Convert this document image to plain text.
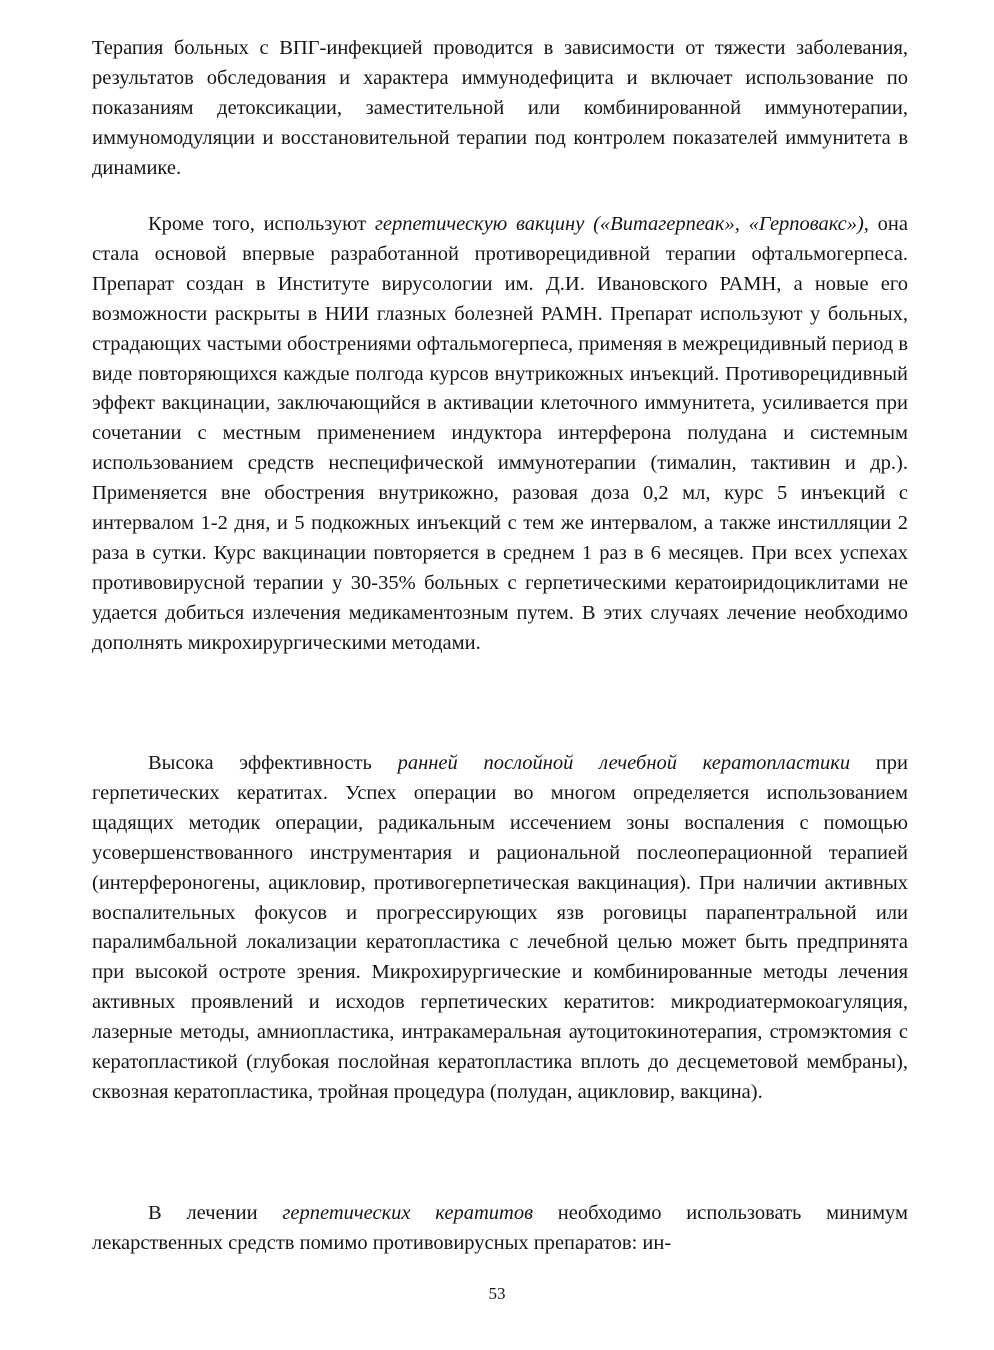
Терапия больных с ВПГ-инфекцией проводится в зависимости от тяжести заболевания, результатов обследования и характера иммунодефицита и включает использование по показаниям детоксикации, заместительной или комбинированной иммунотерапии, иммуномодуляции и восстановительной терапии под контролем показателей иммунитета в динамике.

Кроме того, используют герпетическую вакцину («Витагерпеак», «Герповакс»), она стала основой впервые разработанной противорецидивной терапии офтальмогерпеса. Препарат создан в Институте вирусологии им. Д.И. Ивановского РАМН, а новые его возможности раскрыты в НИИ глазных болезней РАМН. Препарат используют у больных, страдающих частыми обострениями офтальмогерпеса, применяя в межрецидивный период в виде повторяющихся каждые полгода курсов внутрикожных инъекций. Противорецидивный эффект вакцинации, заключающийся в активации клеточного иммунитета, усиливается при сочетании с местным применением индуктора интерферона полудана и системным использованием средств неспецифической иммунотерапии (тималин, тактивин и др.). Применяется вне обострения внутрикожно, разовая доза 0,2 мл, курс 5 инъекций с интервалом 1-2 дня, и 5 подкожных инъекций с тем же интервалом, а также инстилляции 2 раза в сутки. Курс вакцинации повторяется в среднем 1 раз в 6 месяцев. При всех успехах противовирусной терапии у 30-35% больных с герпетическими кератоиридоциклитами не удается добиться излечения медикаментозным путем. В этих случаях лечение необходимо дополнять микрохирургическими методами.

Высока эффективность ранней послойной лечебной кератопластики при герпетических кератитах. Успех операции во многом определяется использованием щадящих методик операции, радикальным иссечением зоны воспаления с помощью усовершенствованного инструментария и рациональной послеоперационной терапией (интерфероногены, ацикловир, противогерпетическая вакцинация). При наличии активных воспалительных фокусов и прогрессирующих язв роговицы парапентральной или паралимбальной локализации кератопластика с лечебной целью может быть предпринята при высокой остроте зрения. Микрохирургические и комбинированные методы лечения активных проявлений и исходов герпетических кератитов: микродиатермокоагуляция, лазерные методы, амниопластика, интракамеральная аутоцитокинотерапия, стромэктомия с кератопластикой (глубокая послойная кератопластика вплоть до десцеметовой мембраны), сквозная кератопластика, тройная процедура (полудан, ацикловир, вакцина).

В лечении герпетических кератитов необходимо использовать минимум лекарственных средств помимо противовирусных препаратов: ин-

53
